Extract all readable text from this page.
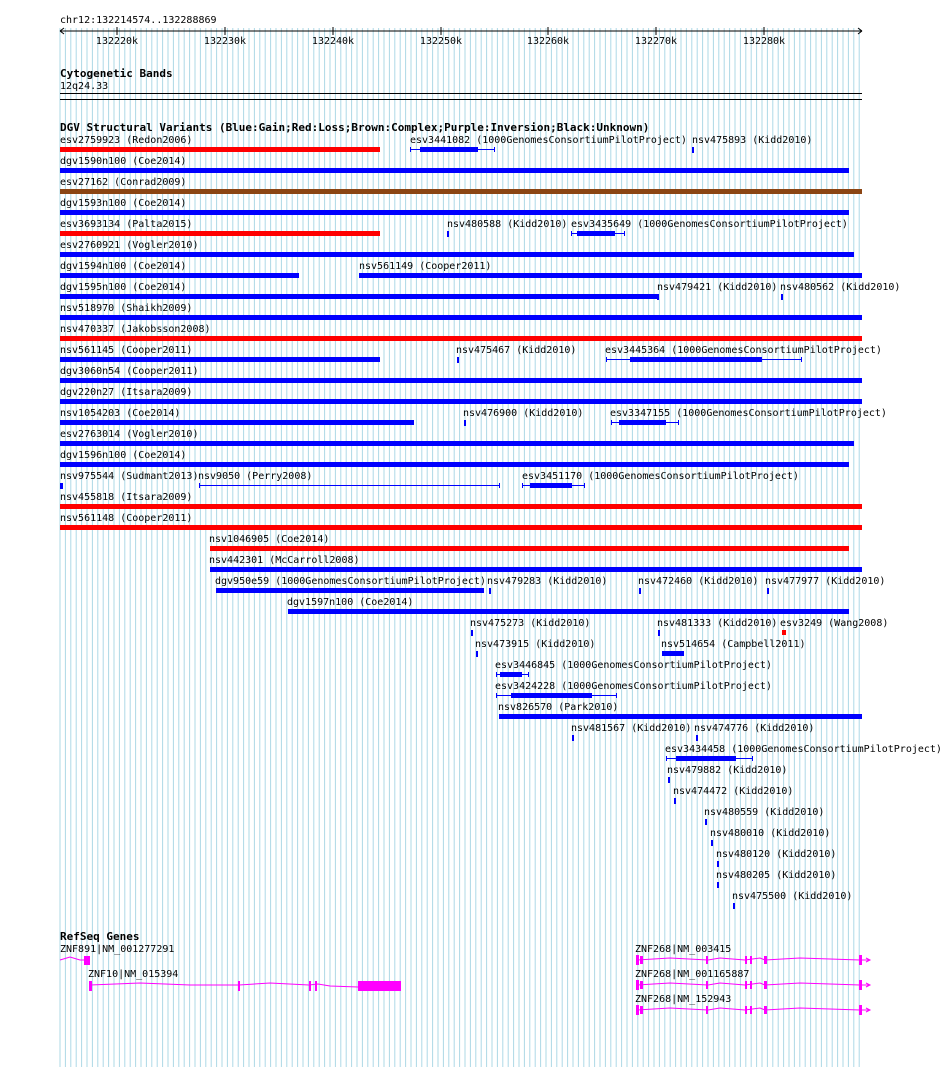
chr12:132214574..132288869
132220k	132230k	132240k	132250k	132260k	132270k	132280k
Cytogenetic Bands
12q24.33
DGV Structural Variants (Blue:Gain;Red:Loss;Brown:Complex;Purple:Inversion;Black:Unknown)
esv2759923 (Redon2006)	esv3441082 (1000GenomesConsortiumPilotProject) nsv475893 (Kidd2010)
dgv1590n100 (Coe2014)
esv27162 (Conrad2009)
dgv1593n100 (Coe2014)
esv3693134 (Palta2015)	nsv480588 (Kidd2010) esv3435649 (1000GenomesConsortiumPilotProject)
esv2760921 (Vogler2010)
dgv1594n100 (Coe2014)	nsv561149 (Cooper2011)
dgv1595n100 (Coe2014)	nsv479421 (Kidd2010) nsv480562 (Kidd2010)
nsv518970 (Shaikh2009)
nsv470337 (Jakobsson2008)
nsv561145 (Cooper2011)	nsv475467 (Kidd2010)	esv3445364 (1000GenomesConsortiumPilotProject)
dgv3060n54 (Cooper2011)
dgv220n27 (Itsara2009)
nsv1054203 (Coe2014)	nsv476900 (Kidd2010)	esv3347155 (1000GenomesConsortiumPilotProject)
esv2763014 (Vogler2010)
dgv1596n100 (Coe2014)
nsv975544 (Sudmant2013) nsv9050 (Perry2008)	esv3451170 (1000GenomesConsortiumPilotProject)
nsv455818 (Itsara2009)
nsv561148 (Cooper2011)
nsv1046905 (Coe2014)
nsv442301 (McCarroll2008)
dgv950e59 (1000GenomesConsortiumPilotProject) nsv479283 (Kidd2010)	nsv472460 (Kidd2010) nsv477977 (Kidd2010)
dgv1597n100 (Coe2014)
nsv475273 (Kidd2010)	nsv481333 (Kidd2010) esv3249 (Wang2008)
nsv473915 (Kidd2010)	nsv514654 (Campbell2011)
esv3446845 (1000GenomesConsortiumPilotProject)
esv3424228 (1000GenomesConsortiumPilotProject)
nsv826570 (Park2010)
nsv481567 (Kidd2010) nsv474776 (Kidd2010)
esv3434458 (1000GenomesConsortiumPilotProject)
nsv479882 (Kidd2010)
nsv474472 (Kidd2010)
nsv480559 (Kidd2010)
nsv480010 (Kidd2010)
nsv480120 (Kidd2010)
nsv480205 (Kidd2010)
nsv475500 (Kidd2010)
RefSeq Genes
ZNF891|NM_001277291
ZNF10|NM_015394
ZNF268|NM_003415
ZNF268|NM_001165887
ZNF268|NM_152943
